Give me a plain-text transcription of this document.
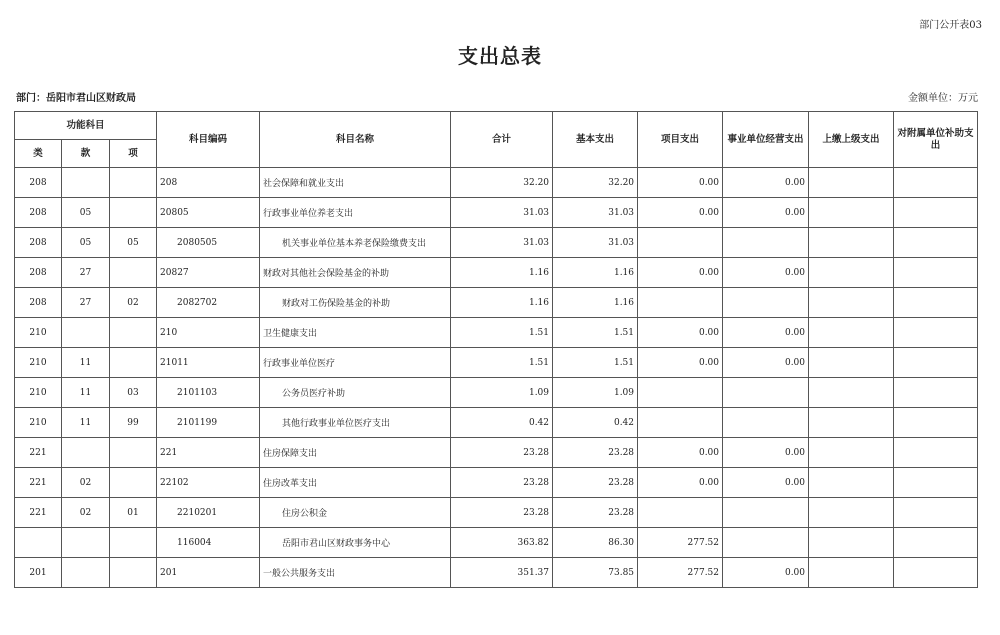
部门公开表03
支出总表
部门：岳阳市君山区财政局	金额单位：万元
功能科目			科目编码	科目名称	合计	基本支出	项目支出	事业单位经营支出	上缴上级支出	对附属单位补助支出
类	款	项								
208			208	社会保障和就业支出	32.20	32.20	0.00	0.00		
208	05		20805	行政事业单位养老支出	31.03	31.03	0.00	0.00		
208	05	05	2080505	机关事业单位基本养老保险缴费支出	31.03	31.03				
208	27		20827	财政对其他社会保险基金的补助	1.16	1.16	0.00	0.00		
208	27	02	2082702	财政对工伤保险基金的补助	1.16	1.16				
210			210	卫生健康支出	1.51	1.51	0.00	0.00		
210	11		21011	行政事业单位医疗	1.51	1.51	0.00	0.00		
210	11	03	2101103	公务员医疗补助	1.09	1.09				
210	11	99	2101199	其他行政事业单位医疗支出	0.42	0.42				
221			221	住房保障支出	23.28	23.28	0.00	0.00		
221	02		22102	住房改革支出	23.28	23.28	0.00	0.00		
221	02	01	2210201	住房公积金	23.28	23.28				
			116004	岳阳市君山区财政事务中心	363.82	86.30	277.52			
201			201	一般公共服务支出	351.37	73.85	277.52	0.00		
